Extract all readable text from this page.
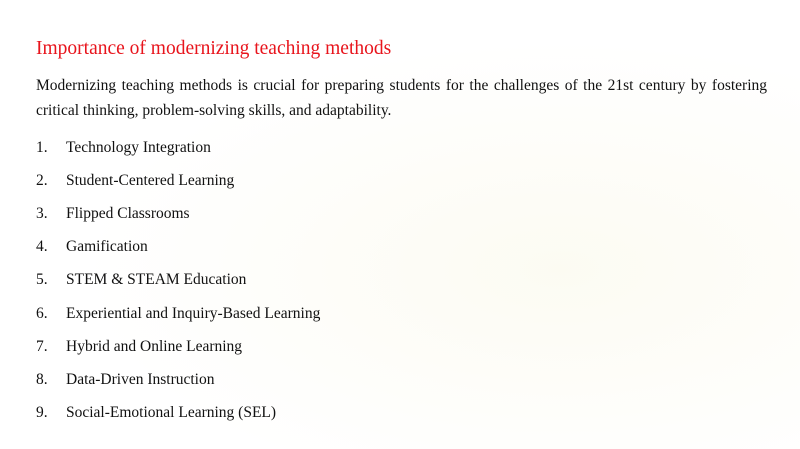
Importance of modernizing teaching methods
Modernizing teaching methods is crucial for preparing students for the challenges of the 21st century by fostering critical thinking, problem-solving skills, and adaptability.
1.	Technology Integration
2.	Student-Centered Learning
3.	Flipped Classrooms
4.	Gamification
5.	STEM & STEAM Education
6.	Experiential and Inquiry-Based Learning
7.	Hybrid and Online Learning
8.	Data-Driven Instruction
9.	Social-Emotional Learning (SEL)
